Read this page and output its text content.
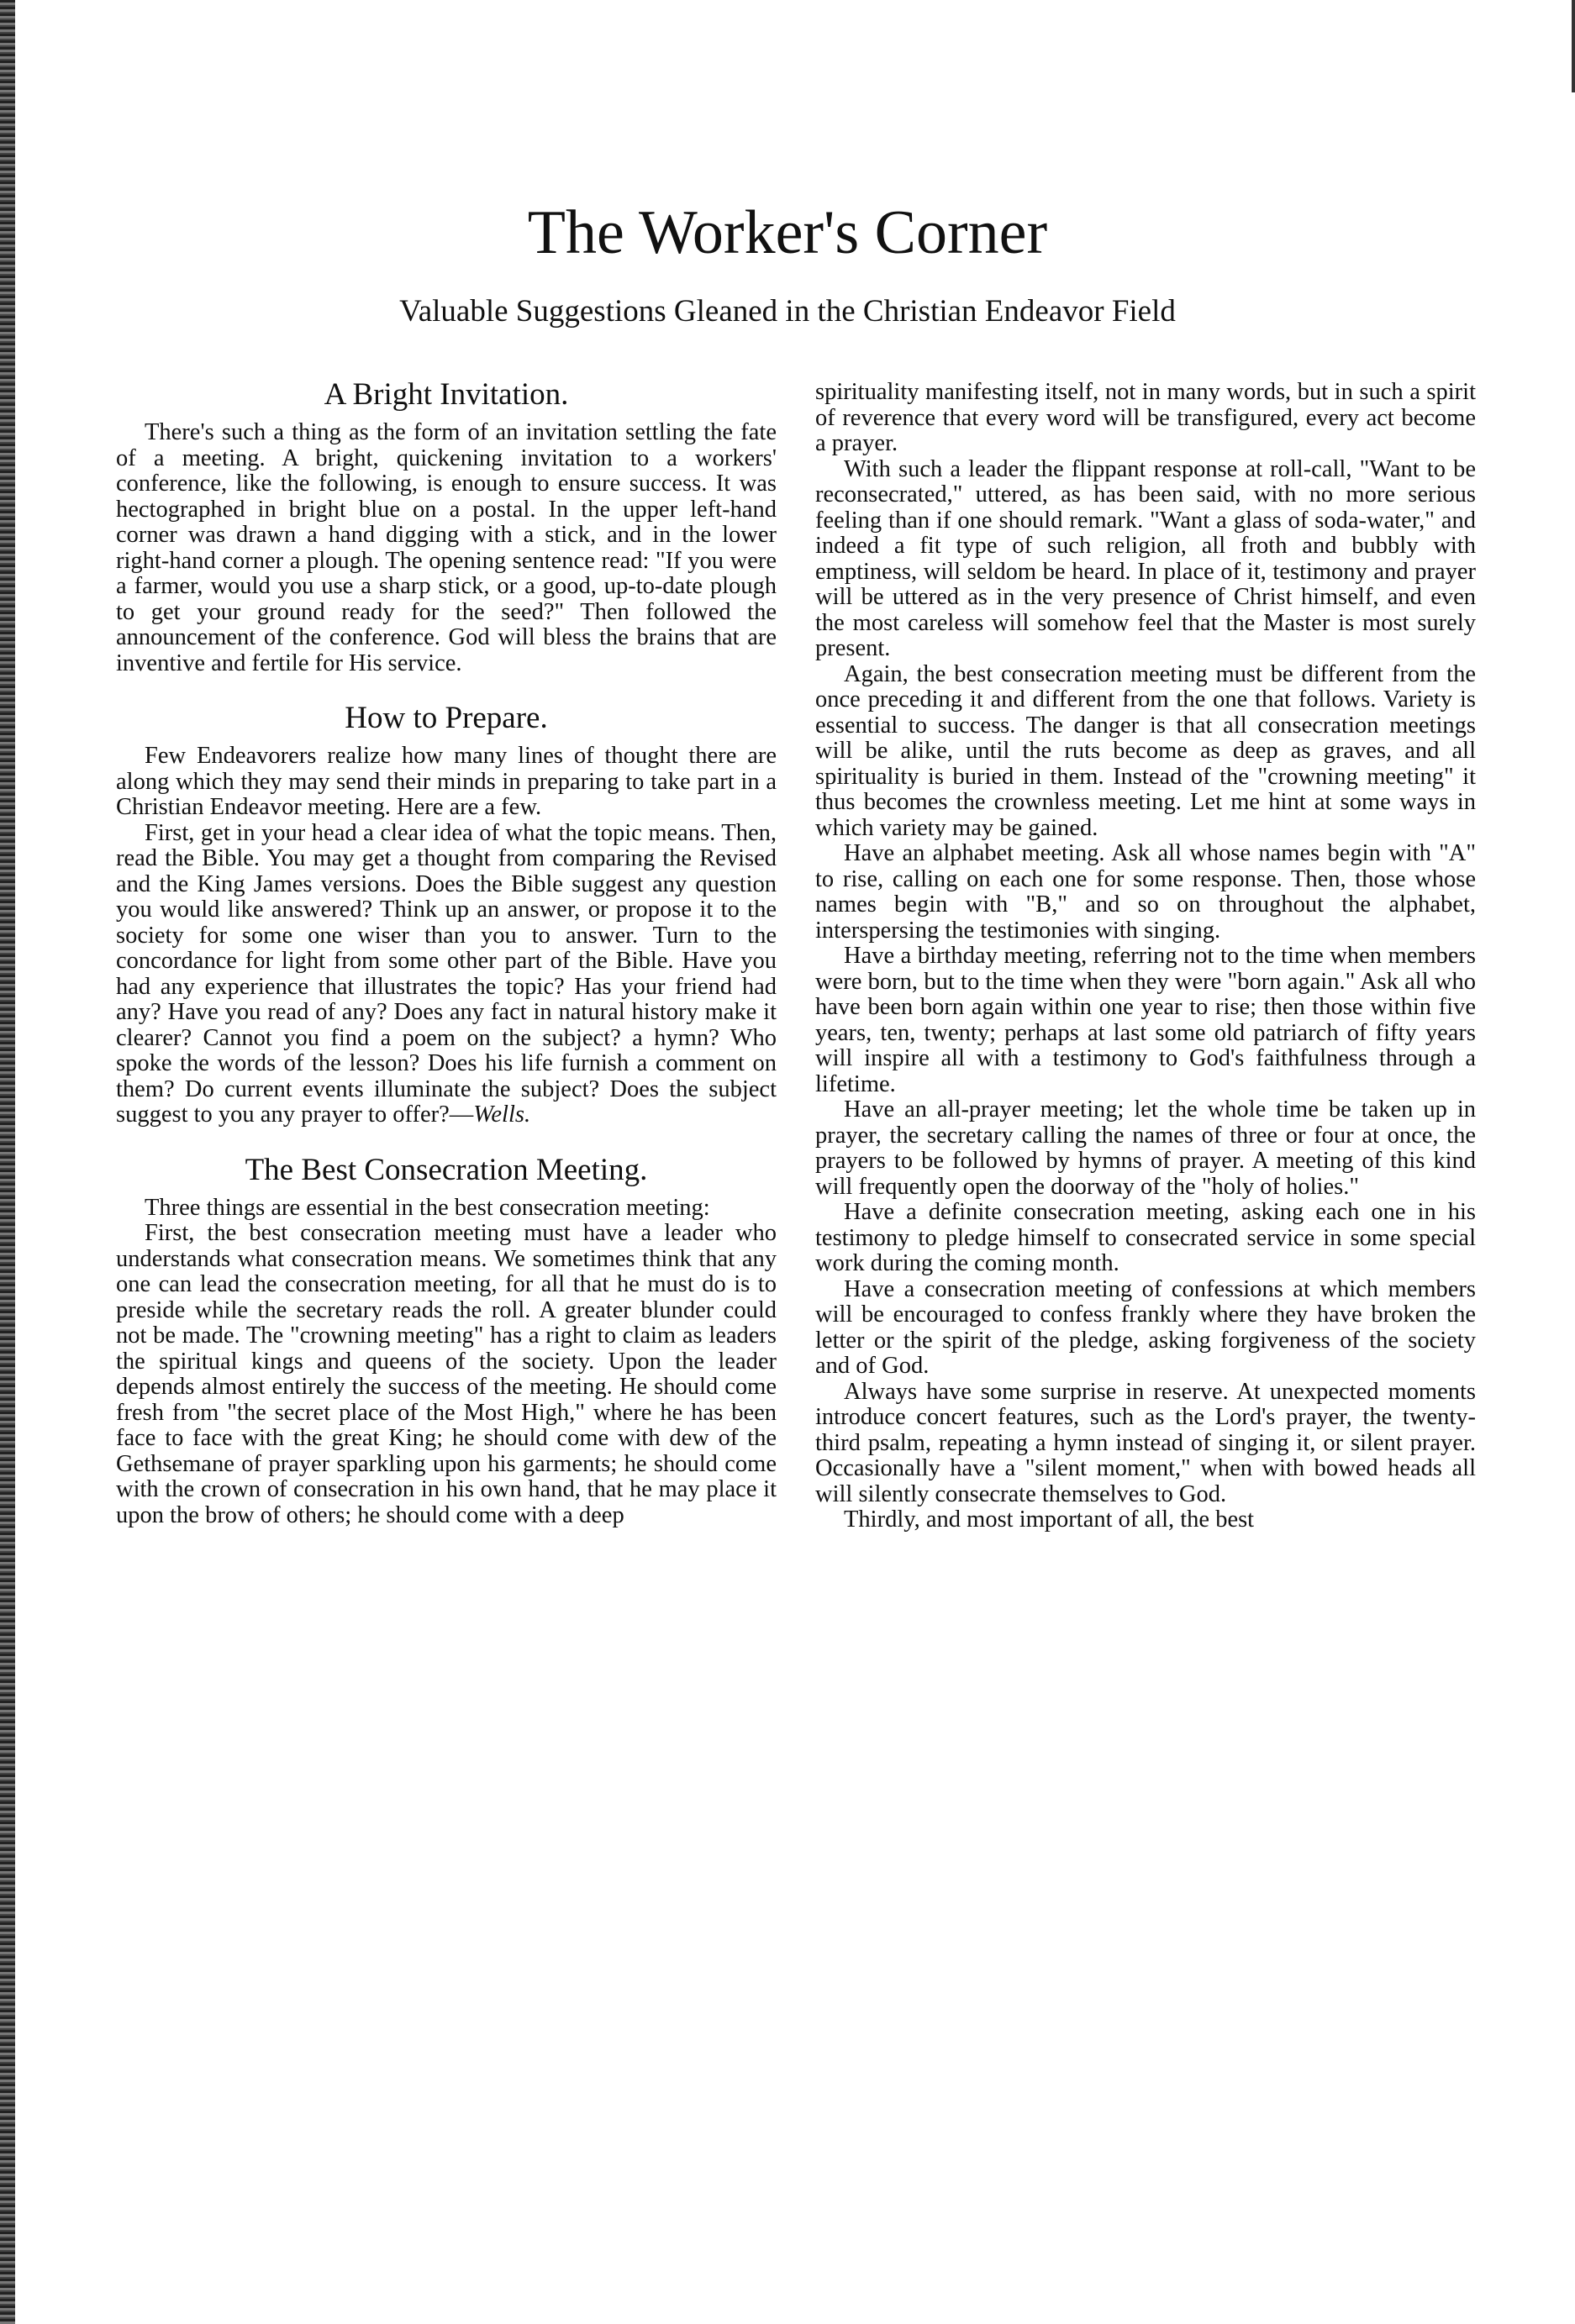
The Worker's Corner
Valuable Suggestions Gleaned in the Christian Endeavor Field
A Bright Invitation.

There's such a thing as the form of an invitation settling the fate of a meeting. A bright, quickening invitation to a workers' conference, like the following, is enough to ensure success. It was hectographed in bright blue on a postal. In the upper left-hand corner was drawn a hand digging with a stick, and in the lower right-hand corner a plough. The opening sentence read: "If you were a farmer, would you use a sharp stick, or a good, up-to-date plough to get your ground ready for the seed?" Then followed the announcement of the conference. God will bless the brains that are inventive and fertile for His service.

How to Prepare.

Few Endeavorers realize how many lines of thought there are along which they may send their minds in preparing to take part in a Christian Endeavor meeting. Here are a few.

First, get in your head a clear idea of what the topic means. Then, read the Bible. You may get a thought from comparing the Revised and the King James versions. Does the Bible suggest any question you would like answered? Think up an answer, or propose it to the society for some one wiser than you to answer. Turn to the concordance for light from some other part of the Bible. Have you had any experience that illustrates the topic? Has your friend had any? Have you read of any? Does any fact in natural history make it clearer? Cannot you find a poem on the subject? a hymn? Who spoke the words of the lesson? Does his life furnish a comment on them? Do current events illuminate the subject? Does the subject suggest to you any prayer to offer?—Wells.

The Best Consecration Meeting.

Three things are essential in the best consecration meeting:

First, the best consecration meeting must have a leader who understands what consecration means. We sometimes think that any one can lead the consecration meeting, for all that he must do is to preside while the secretary reads the roll. A greater blunder could not be made. The "crowning meeting" has a right to claim as leaders the spiritual kings and queens of the society. Upon the leader depends almost entirely the success of the meeting. He should come fresh from "the secret place of the Most High," where he has been face to face with the great King; he should come with dew of the Gethsemane of prayer sparkling upon his garments; he should come with the crown of consecration in his own hand, that he may place it upon the brow of others; he should come with a deep

spirituality manifesting itself, not in many words, but in such a spirit of reverence that every word will be transfigured, every act become a prayer.

With such a leader the flippant response at roll-call, "Want to be reconsecrated," uttered, as has been said, with no more serious feeling than if one should remark. "Want a glass of soda-water," and indeed a fit type of such religion, all froth and bubbly with emptiness, will seldom be heard. In place of it, testimony and prayer will be uttered as in the very presence of Christ himself, and even the most careless will somehow feel that the Master is most surely present.

Again, the best consecration meeting must be different from the once preceding it and different from the one that follows. Variety is essential to success. The danger is that all consecration meetings will be alike, until the ruts become as deep as graves, and all spirituality is buried in them. Instead of the "crowning meeting" it thus becomes the crownless meeting. Let me hint at some ways in which variety may be gained.

Have an alphabet meeting. Ask all whose names begin with "A" to rise, calling on each one for some response. Then, those whose names begin with "B," and so on throughout the alphabet, interspersing the testimonies with singing.

Have a birthday meeting, referring not to the time when members were born, but to the time when they were "born again." Ask all who have been born again within one year to rise; then those within five years, ten, twenty; perhaps at last some old patriarch of fifty years will inspire all with a testimony to God's faithfulness through a lifetime.

Have an all-prayer meeting; let the whole time be taken up in prayer, the secretary calling the names of three or four at once, the prayers to be followed by hymns of prayer. A meeting of this kind will frequently open the doorway of the "holy of holies."

Have a definite consecration meeting, asking each one in his testimony to pledge himself to consecrated service in some special work during the coming month.

Have a consecration meeting of confessions at which members will be encouraged to confess frankly where they have broken the letter or the spirit of the pledge, asking forgiveness of the society and of God.

Always have some surprise in reserve. At unexpected moments introduce concert features, such as the Lord's prayer, the twenty-third psalm, repeating a hymn instead of singing it, or silent prayer. Occasionally have a "silent moment," when with bowed heads all will silently consecrate themselves to God.

Thirdly, and most important of all, the best
